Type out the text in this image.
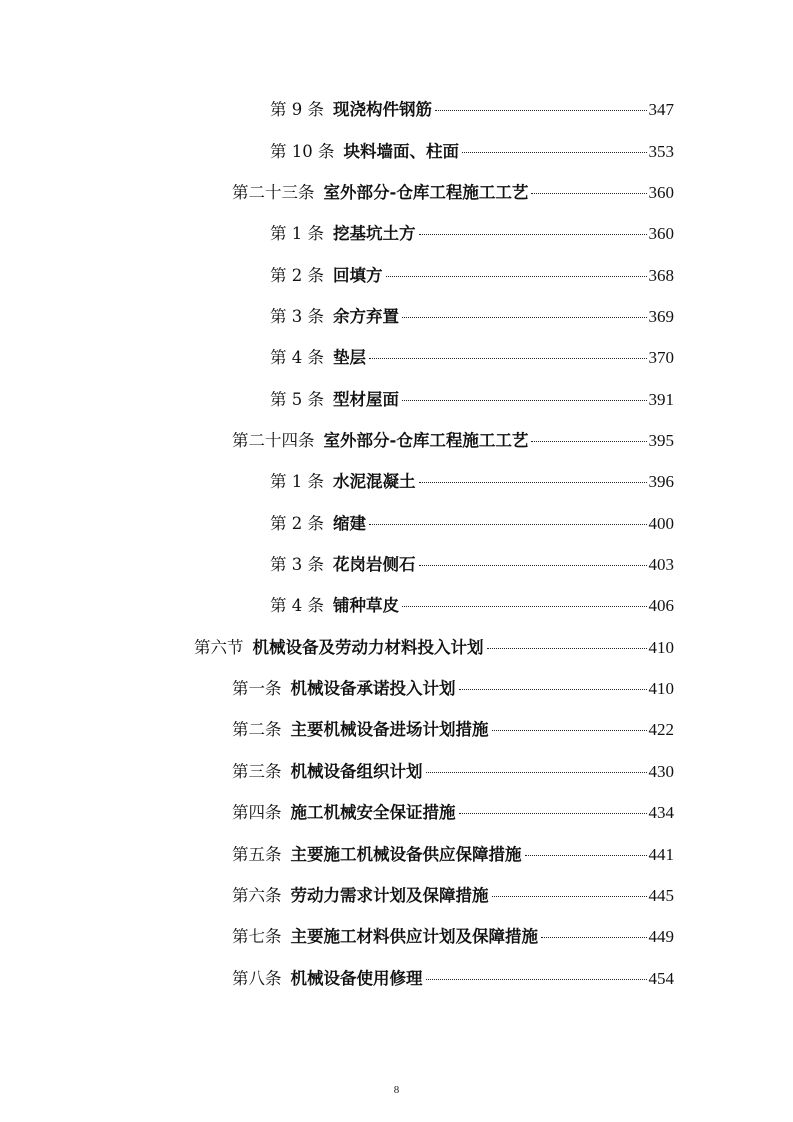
第 9 条 现浇构件钢筋	347
第 10 条 块料墙面、柱面	353
第二十三条 室外部分-仓库工程施工工艺	360
第 1 条 挖基坑土方	360
第 2 条 回填方	368
第 3 条 余方弃置	369
第 4 条 垫层	370
第 5 条 型材屋面	391
第二十四条 室外部分-仓库工程施工工艺	395
第 1 条 水泥混凝土	396
第 2 条 缩建	400
第 3 条 花岗岩侧石	403
第 4 条 铺种草皮	406
第六节 机械设备及劳动力材料投入计划	410
第一条 机械设备承诺投入计划	410
第二条 主要机械设备进场计划措施	422
第三条 机械设备组织计划	430
第四条 施工机械安全保证措施	434
第五条 主要施工机械设备供应保障措施	441
第六条 劳动力需求计划及保障措施	445
第七条 主要施工材料供应计划及保障措施	449
第八条 机械设备使用修理	454
8
